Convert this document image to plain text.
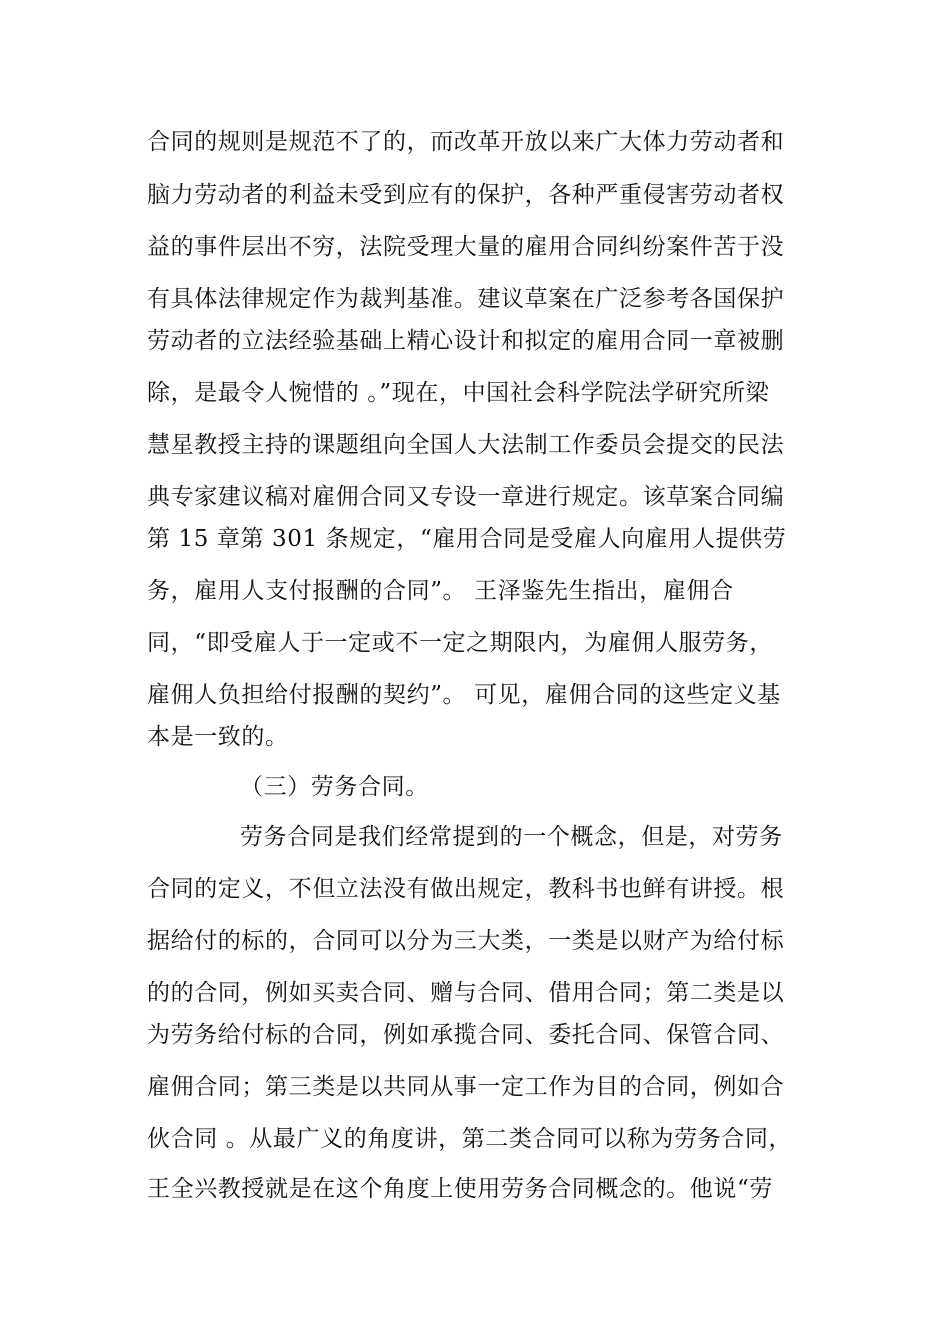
合同的规则是规范不了的，而改革开放以来广大体力劳动者和
脑力劳动者的利益未受到应有的保护，各种严重侵害劳动者权
益的事件层出不穷，法院受理大量的雇用合同纠纷案件苦于没
有具体法律规定作为裁判基准。建议草案在广泛参考各国保护
劳动者的立法经验基础上精心设计和拟定的雇用合同一章被删
除，是最令人惋惜的 。”现在，中国社会科学院法学研究所梁
慧星教授主持的课题组向全国人大法制工作委员会提交的民法
典专家建议稿对雇佣合同又专设一章进行规定。该草案合同编
第 15 章第 301 条规定，“雇用合同是受雇人向雇用人提供劳
务，雇用人支付报酬的合同”。 王泽鉴先生指出，雇佣合
同，“即受雇人于一定或不一定之期限内，为雇佣人服劳务，
雇佣人负担给付报酬的契约”。 可见，雇佣合同的这些定义基
本是一致的。
（三）劳务合同。
劳务合同是我们经常提到的一个概念，但是，对劳务
合同的定义，不但立法没有做出规定，教科书也鲜有讲授。根
据给付的标的，合同可以分为三大类，一类是以财产为给付标
的的合同，例如买卖合同、赠与合同、借用合同；第二类是以
为劳务给付标的合同，例如承揽合同、委托合同、保管合同、
雇佣合同；第三类是以共同从事一定工作为目的合同，例如合
伙合同 。从最广义的角度讲，第二类合同可以称为劳务合同，
王全兴教授就是在这个角度上使用劳务合同概念的。他说“劳
